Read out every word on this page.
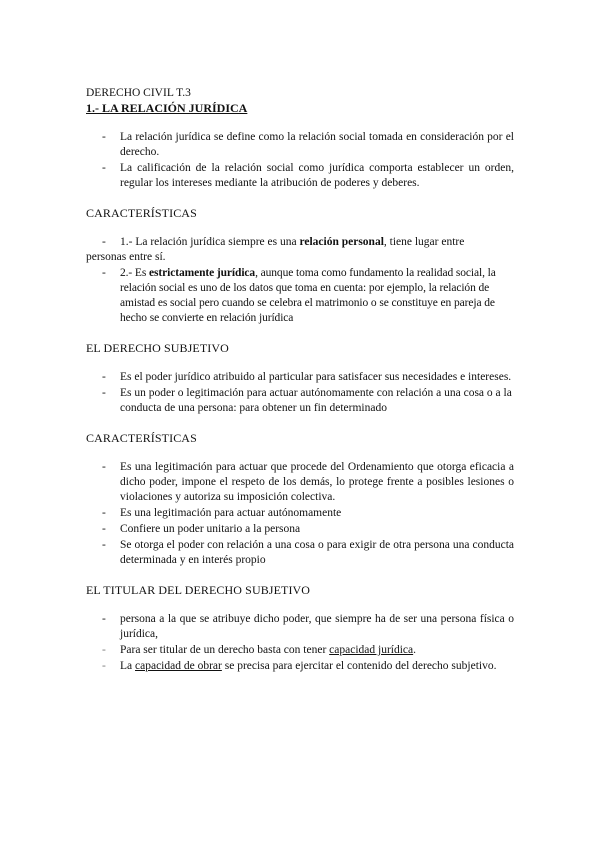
DERECHO CIVIL T.3
1.- LA RELACIÓN JURÍDICA
- La relación jurídica se define como la relación social tomada en consideración por el derecho.
- La calificación de la relación social como jurídica comporta establecer un orden, regular los intereses mediante la atribución de poderes y deberes.
CARACTERÍSTICAS
- 1.- La relación jurídica siempre es una relación personal, tiene lugar entre
personas entre sí.
- 2.- Es estrictamente jurídica, aunque toma como fundamento la realidad social, la relación social es uno de los datos que toma en cuenta: por ejemplo, la relación de amistad es social pero cuando se celebra el matrimonio o se constituye en pareja de hecho se convierte en relación jurídica
EL DERECHO SUBJETIVO
- Es el poder jurídico atribuido al particular para satisfacer sus necesidades e intereses.
- Es un poder o legitimación para actuar autónomamente con relación a una cosa o a la conducta de una persona: para obtener un fin determinado
CARACTERÍSTICAS
- Es una legitimación para actuar que procede del Ordenamiento que otorga eficacia a dicho poder, impone el respeto de los demás, lo protege frente a posibles lesiones o violaciones y autoriza su imposición colectiva.
- Es una legitimación para actuar autónomamente
- Confiere un poder unitario a la persona
- Se otorga el poder con relación a una cosa o para exigir de otra persona una conducta determinada y en interés propio
EL TITULAR DEL DERECHO SUBJETIVO
- persona a la que se atribuye dicho poder, que siempre ha de ser una persona física o jurídica,
- Para ser titular de un derecho basta con tener capacidad jurídica.
- La capacidad de obrar se precisa para ejercitar el contenido del derecho subjetivo.
